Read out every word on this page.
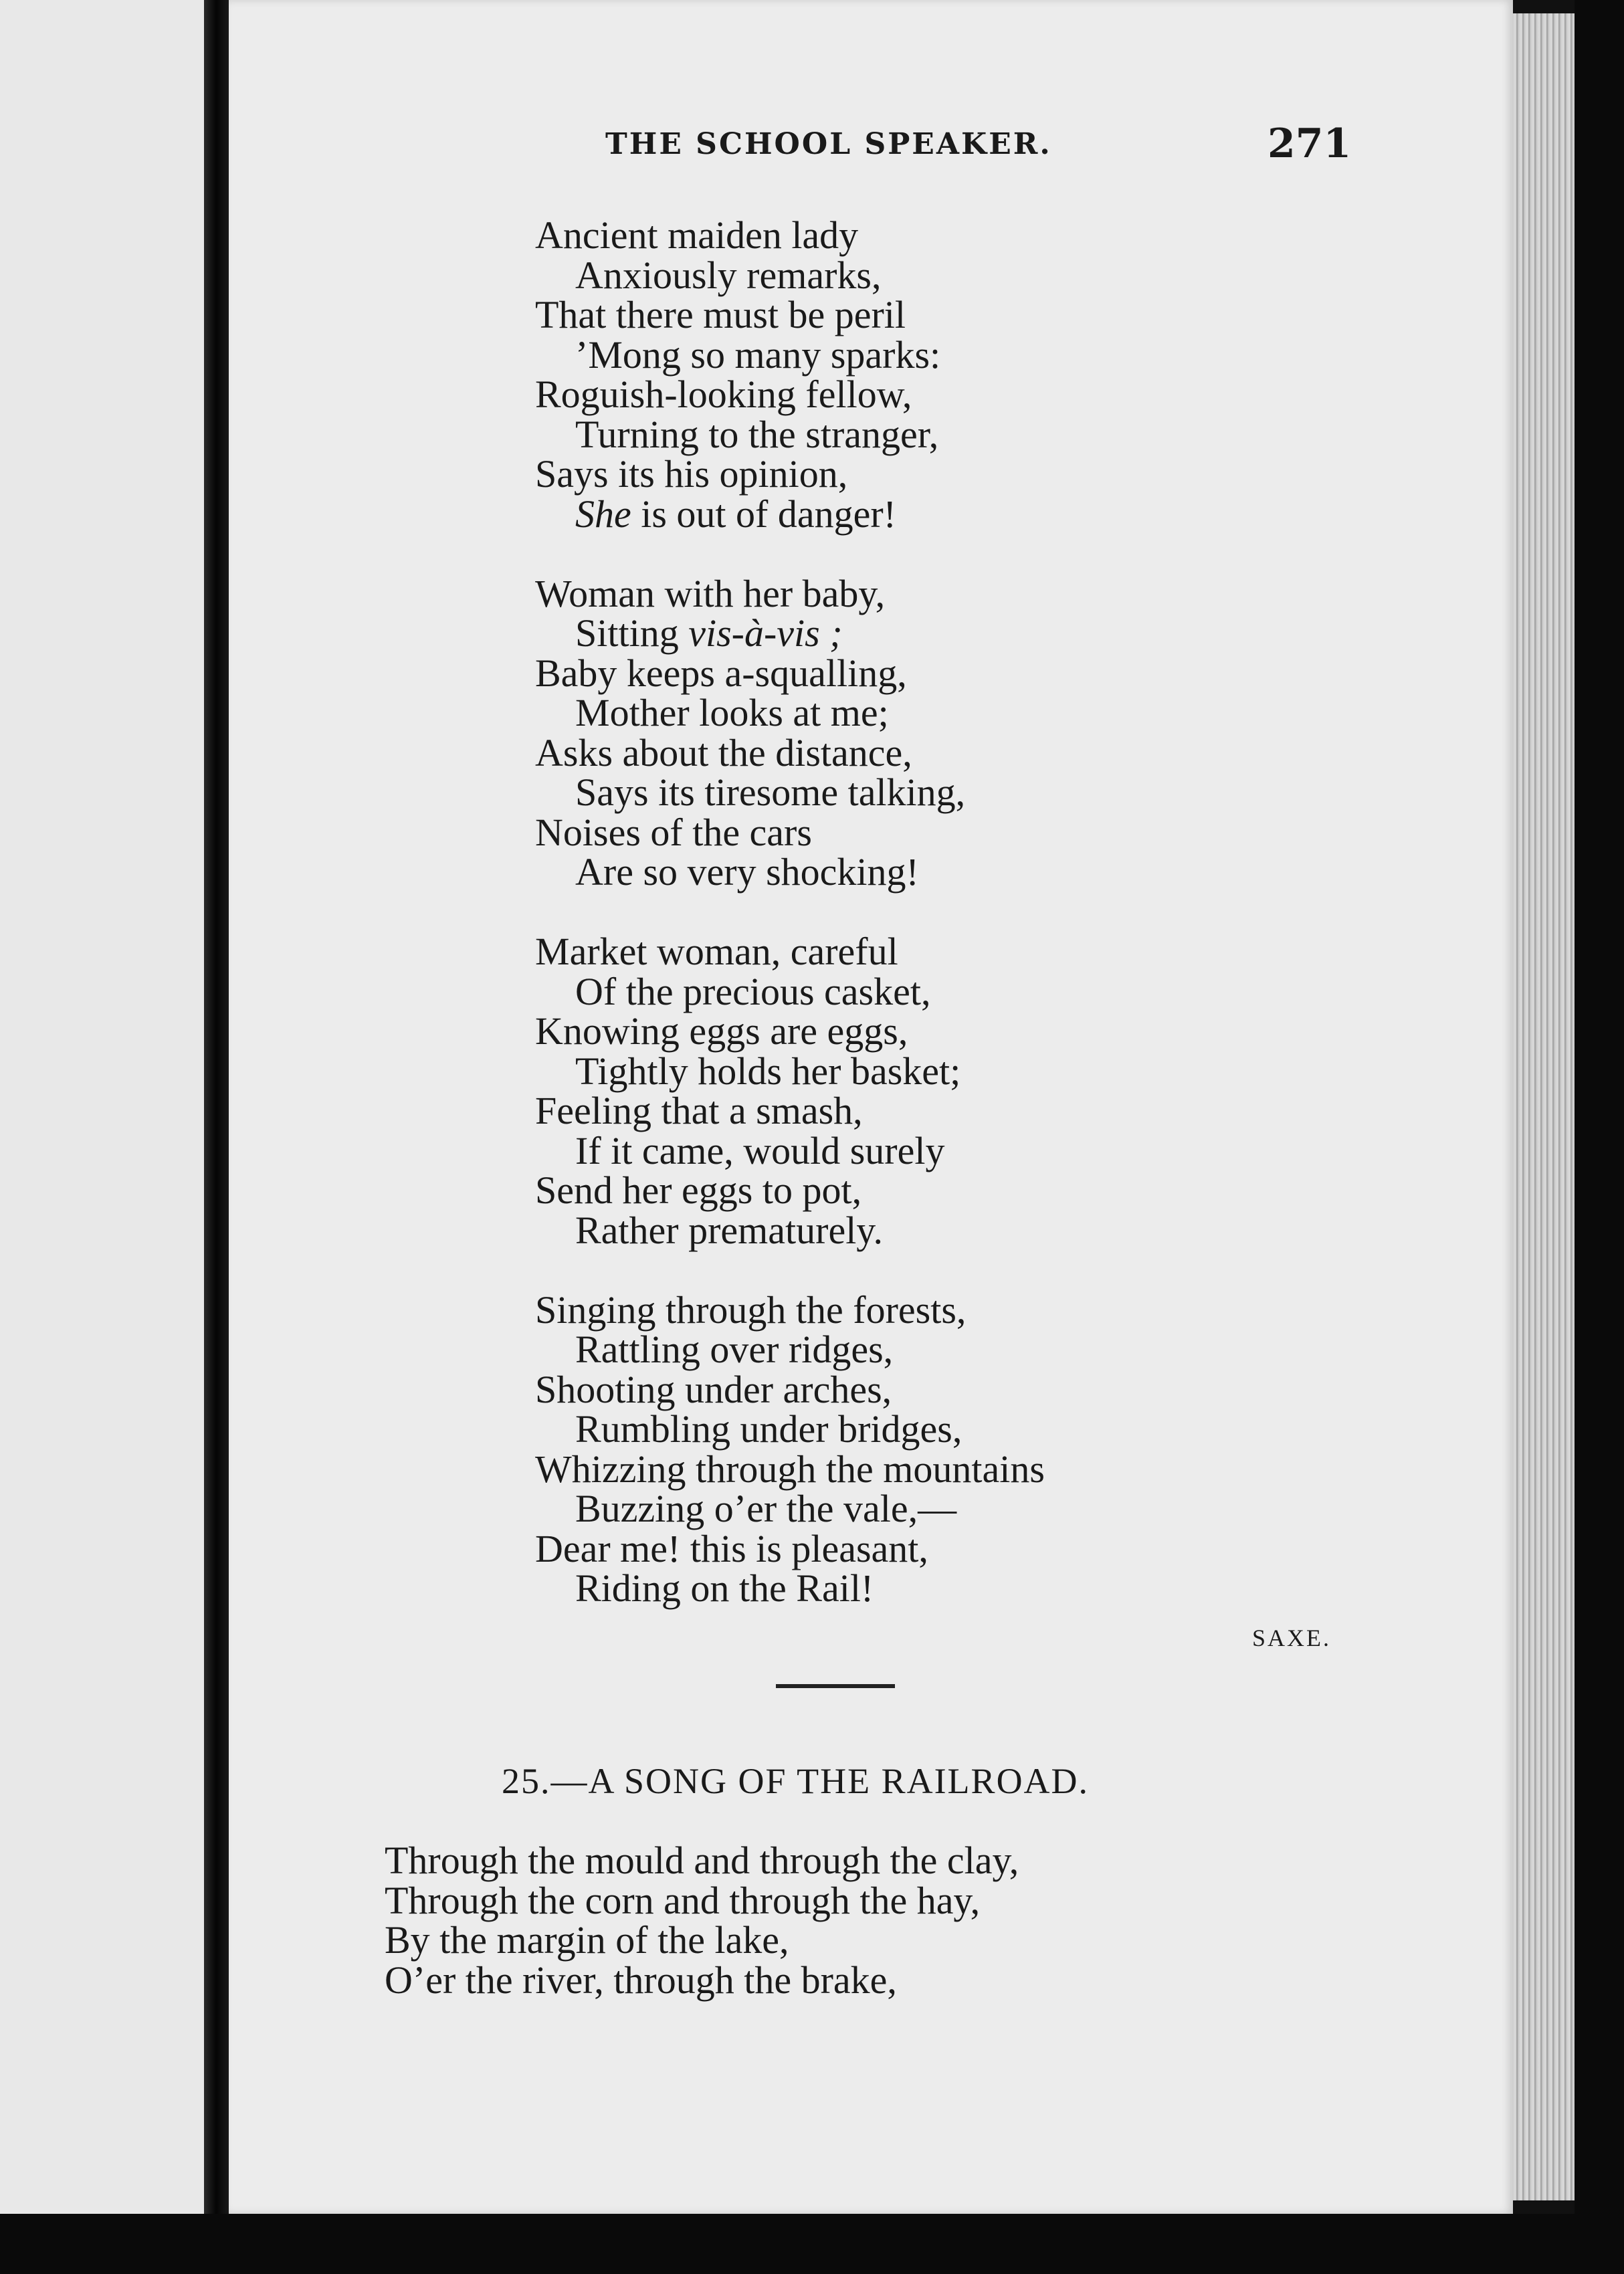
THE SCHOOL SPEAKER.	271
Ancient maiden lady
Anxiously remarks,
That there must be peril
’Mong so many sparks:
Roguish-looking fellow,
Turning to the stranger,
Says its his opinion,
She is out of danger!
Woman with her baby,
Sitting vis-à-vis ;
Baby keeps a-squalling,
Mother looks at me;
Asks about the distance,
Says its tiresome talking,
Noises of the cars
Are so very shocking!
Market woman, careful
Of the precious casket,
Knowing eggs are eggs,
Tightly holds her basket;
Feeling that a smash,
If it came, would surely
Send her eggs to pot,
Rather prematurely.
Singing through the forests,
Rattling over ridges,
Shooting under arches,
Rumbling under bridges,
Whizzing through the mountains
Buzzing o’er the vale,—
Dear me! this is pleasant,
Riding on the Rail!
SAXE.
25.—A SONG OF THE RAILROAD.
Through the mould and through the clay,
Through the corn and through the hay,
By the margin of the lake,
O’er the river, through the brake,
